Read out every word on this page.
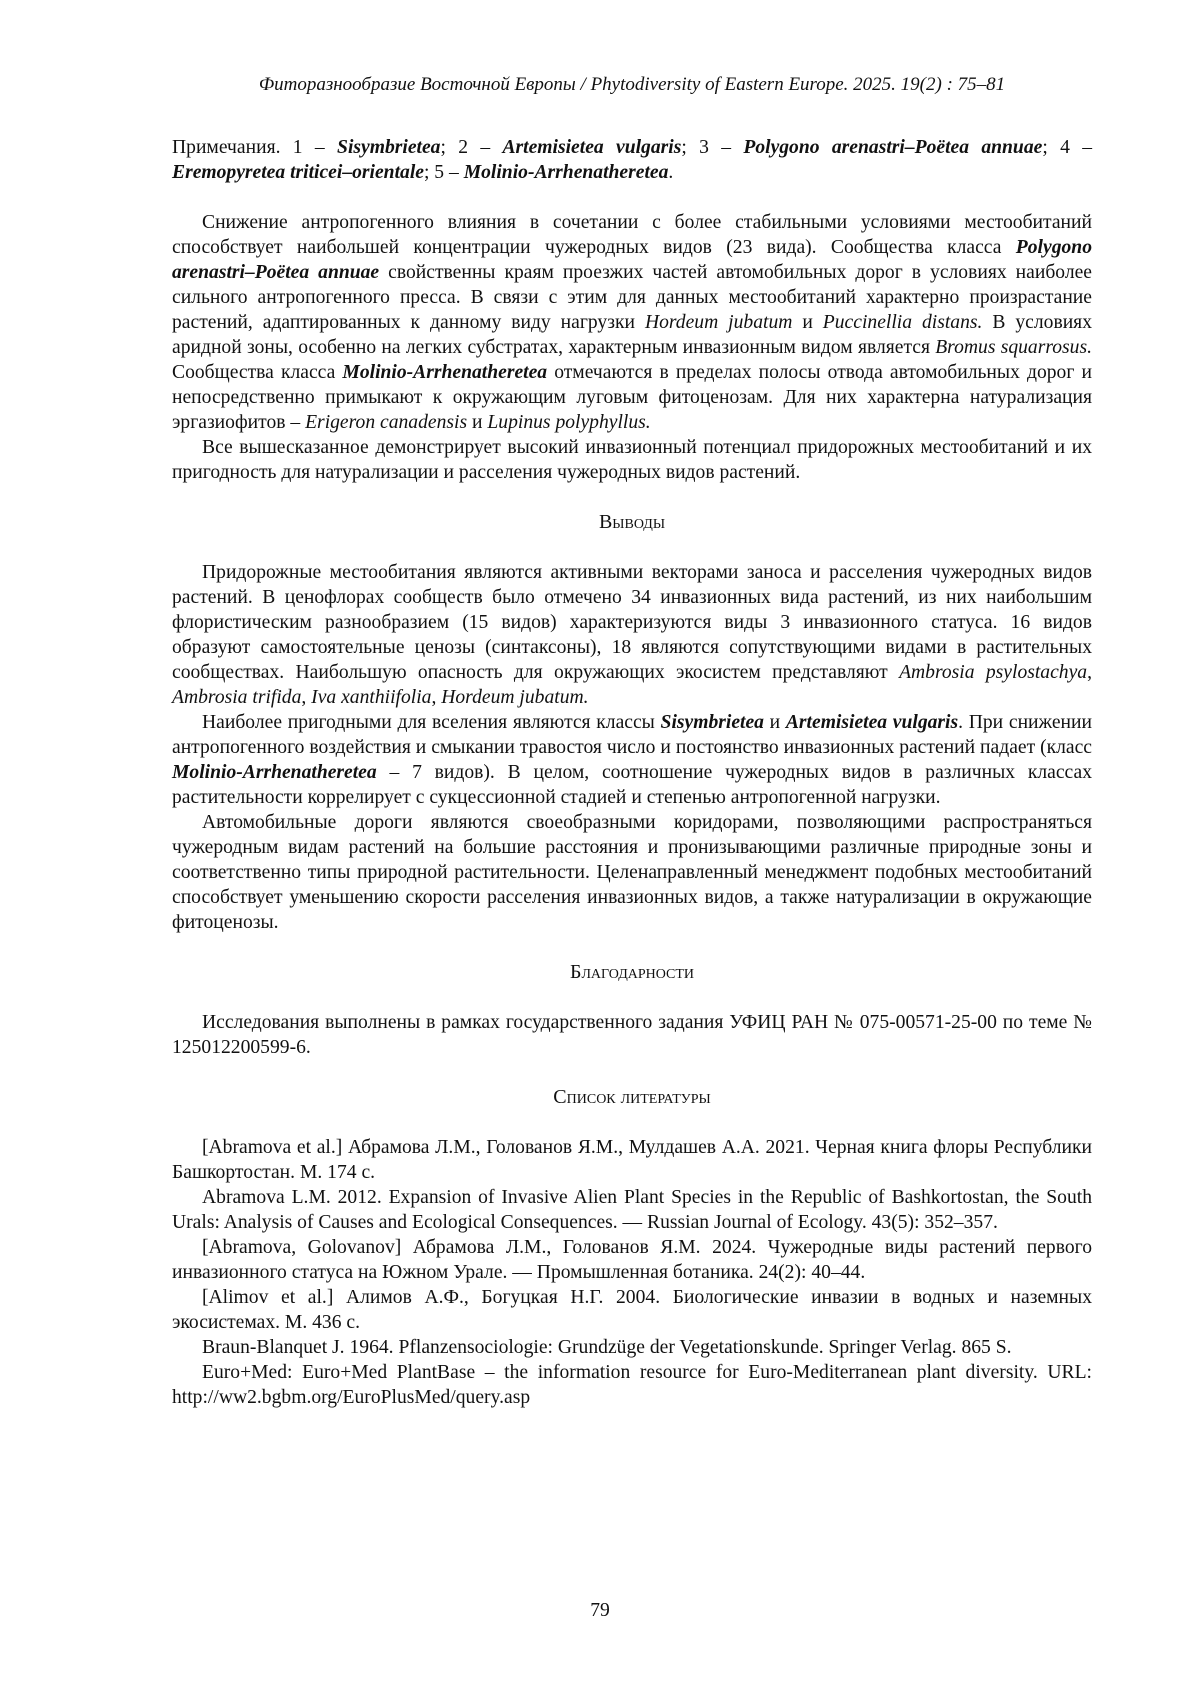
Фиторазнообразие Восточной Европы / Phytodiversity of Eastern Europe. 2025. 19(2) : 75–81

Примечания. 1 – Sisymbrietea; 2 – Artemisietea vulgaris; 3 – Polygono arenastri–Poëtea annuae; 4 – Eremopyretea triticei–orientale; 5 – Molinio-Arrhenatheretea.

Снижение антропогенного влияния в сочетании с более стабильными условиями местообитаний способствует наибольшей концентрации чужеродных видов (23 вида). Сообщества класса Polygono arenastri–Poëtea annuae свойственны краям проезжих частей автомобильных дорог в условиях наиболее сильного антропогенного пресса. В связи с этим для данных местообитаний характерно произрастание растений, адаптированных к данному виду нагрузки Hordeum jubatum и Puccinellia distans. В условиях аридной зоны, особенно на легких субстратах, характерным инвазионным видом является Bromus squarrosus. Сообщества класса Molinio-Arrhenatheretea отмечаются в пределах полосы отвода автомобильных дорог и непосредственно примыкают к окружающим луговым фитоценозам. Для них характерна натурализация эргазиофитов – Erigeron canadensis и Lupinus polyphyllus.

Все вышесказанное демонстрирует высокий инвазионный потенциал придорожных местообитаний и их пригодность для натурализации и расселения чужеродных видов растений.

Выводы

Придорожные местообитания являются активными векторами заноса и расселения чужеродных видов растений. В ценофлорах сообществ было отмечено 34 инвазионных вида растений, из них наибольшим флористическим разнообразием (15 видов) характеризуются виды 3 инвазионного статуса. 16 видов образуют самостоятельные ценозы (синтаксоны), 18 являются сопутствующими видами в растительных сообществах. Наибольшую опасность для окружающих экосистем представляют Ambrosia psylostachya, Ambrosia trifida, Iva xanthiifolia, Hordeum jubatum.

Наиболее пригодными для вселения являются классы Sisymbrietea и Artemisietea vulgaris. При снижении антропогенного воздействия и смыкании травостоя число и постоянство инвазионных растений падает (класс Molinio-Arrhenatheretea – 7 видов). В целом, соотношение чужеродных видов в различных классах растительности коррелирует с сукцессионной стадией и степенью антропогенной нагрузки.

Автомобильные дороги являются своеобразными коридорами, позволяющими распространяться чужеродным видам растений на большие расстояния и пронизывающими различные природные зоны и соответственно типы природной растительности. Целенаправленный менеджмент подобных местообитаний способствует уменьшению скорости расселения инвазионных видов, а также натурализации в окружающие фитоценозы.

Благодарности

Исследования выполнены в рамках государственного задания УФИЦ РАН № 075-00571-25-00 по теме № 125012200599-6.

Список литературы

[Abramova et al.] Абрамова Л.М., Голованов Я.М., Мулдашев А.А. 2021. Черная книга флоры Республики Башкортостан. М. 174 с.

Abramova L.M. 2012. Expansion of Invasive Alien Plant Species in the Republic of Bashkortostan, the South Urals: Analysis of Causes and Ecological Consequences. — Russian Journal of Ecology. 43(5): 352–357.

[Abramova, Golovanov] Абрамова Л.М., Голованов Я.М. 2024. Чужеродные виды растений первого инвазионного статуса на Южном Урале. — Промышленная ботаника. 24(2): 40–44.

[Alimov et al.] Алимов А.Ф., Богуцкая Н.Г. 2004. Биологические инвазии в водных и наземных экосистемах. М. 436 с.

Braun-Blanquet J. 1964. Pflanzensociologie: Grundzüge der Vegetationskunde. Springer Verlag. 865 S.

Euro+Med: Euro+Med PlantBase – the information resource for Euro-Mediterranean plant diversity. URL: http://ww2.bgbm.org/EuroPlusMed/query.asp

79
